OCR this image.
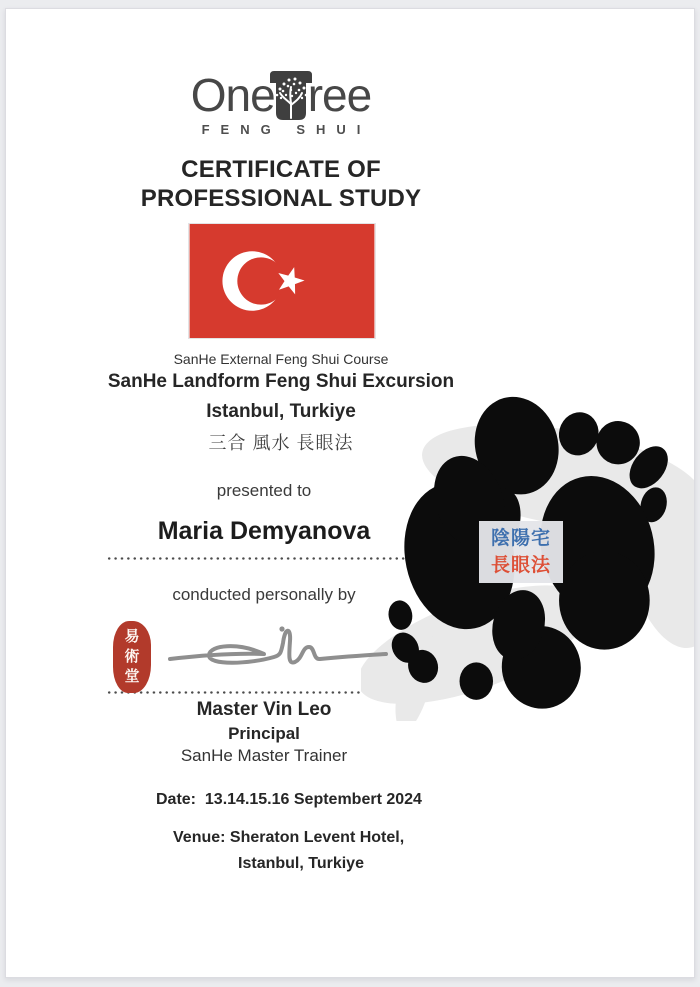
One ree
FENG SHUI
CERTIFICATE OF
PROFESSIONAL STUDY
SanHe External Feng Shui Course
SanHe Landform Feng Shui Excursion
Istanbul, Turkiye
三合 風水 長眼法
presented to
Maria Demyanova
conducted personally by
易術堂
Master Vin Leo
Principal
SanHe Master Trainer
Date:  13.14.15.16 Septembert 2024
Venue: Sheraton Levent Hotel,
Istanbul, Turkiye
陰陽宅
長眼法
